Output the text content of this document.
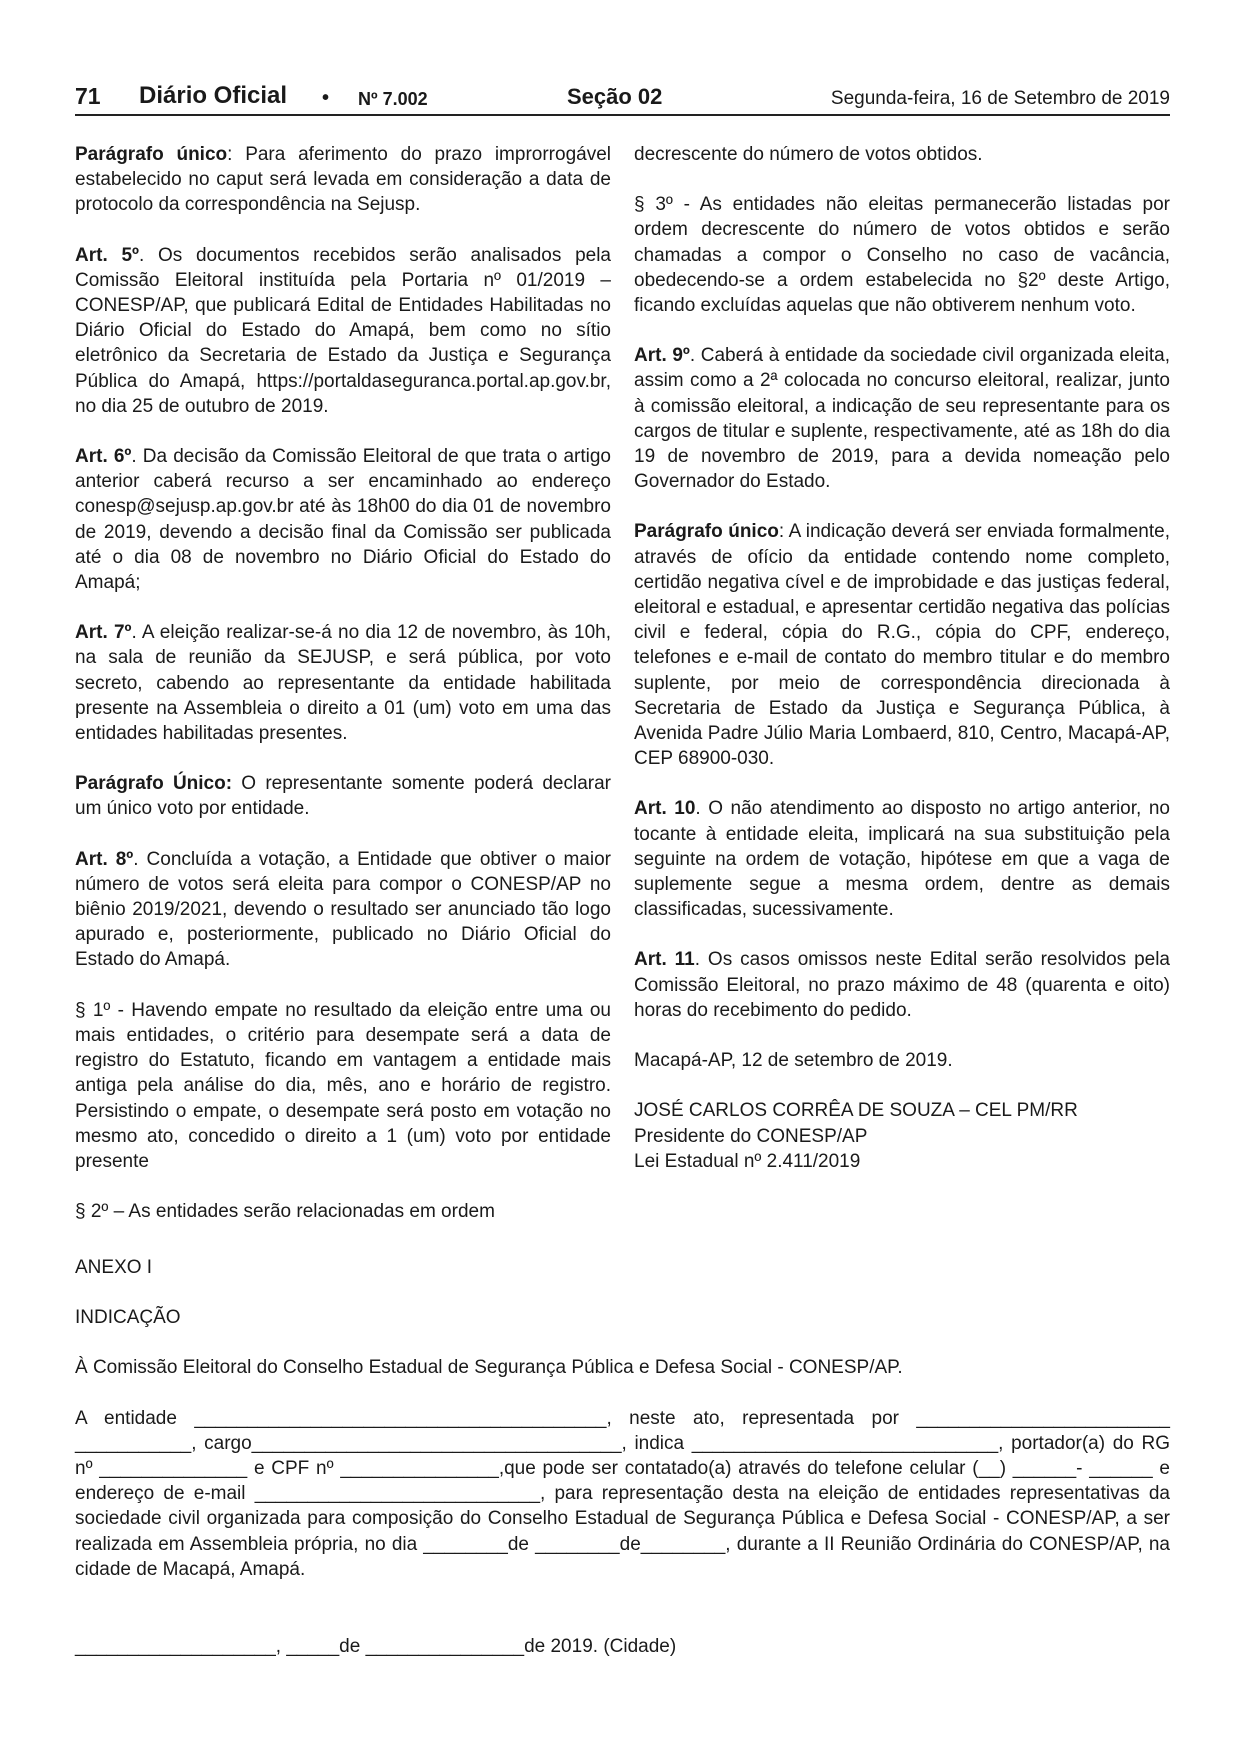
71 Diário Oficial • Nº 7.002	Seção 02	Segunda-feira, 16 de Setembro de 2019

Parágrafo único: Para aferimento do prazo improrrogável estabelecido no caput será levada em consideração a data de protocolo da correspondência na Sejusp.

Art. 5º. Os documentos recebidos serão analisados pela Comissão Eleitoral instituída pela Portaria nº 01/2019 – CONESP/AP, que publicará Edital de Entidades Habilitadas no Diário Oficial do Estado do Amapá, bem como no sítio eletrônico da Secretaria de Estado da Justiça e Segurança Pública do Amapá, https://portaldaseguranca.portal.ap.gov.br, no dia 25 de outubro de 2019.

Art. 6º. Da decisão da Comissão Eleitoral de que trata o artigo anterior caberá recurso a ser encaminhado ao endereço conesp@sejusp.ap.gov.br até às 18h00 do dia 01 de novembro de 2019, devendo a decisão final da Comissão ser publicada até o dia 08 de novembro no Diário Oficial do Estado do Amapá;

Art. 7º. A eleição realizar-se-á no dia 12 de novembro, às 10h, na sala de reunião da SEJUSP, e será pública, por voto secreto, cabendo ao representante da entidade habilitada presente na Assembleia o direito a 01 (um) voto em uma das entidades habilitadas presentes.

Parágrafo Único: O representante somente poderá declarar um único voto por entidade.

Art. 8º. Concluída a votação, a Entidade que obtiver o maior número de votos será eleita para compor o CONESP/AP no biênio 2019/2021, devendo o resultado ser anunciado tão logo apurado e, posteriormente, publicado no Diário Oficial do Estado do Amapá.

§ 1º - Havendo empate no resultado da eleição entre uma ou mais entidades, o critério para desempate será a data de registro do Estatuto, ficando em vantagem a entidade mais antiga pela análise do dia, mês, ano e horário de registro. Persistindo o empate, o desempate será posto em votação no mesmo ato, concedido o direito a 1 (um) voto por entidade presente

§ 2º – As entidades serão relacionadas em ordem

decrescente do número de votos obtidos.

§ 3º - As entidades não eleitas permanecerão listadas por ordem decrescente do número de votos obtidos e serão chamadas a compor o Conselho no caso de vacância, obedecendo-se a ordem estabelecida no §2º deste Artigo, ficando excluídas aquelas que não obtiverem nenhum voto.

Art. 9º. Caberá à entidade da sociedade civil organizada eleita, assim como a 2ª colocada no concurso eleitoral, realizar, junto à comissão eleitoral, a indicação de seu representante para os cargos de titular e suplente, respectivamente, até as 18h do dia 19 de novembro de 2019, para a devida nomeação pelo Governador do Estado.

Parágrafo único: A indicação deverá ser enviada formalmente, através de ofício da entidade contendo nome completo, certidão negativa cível e de improbidade e das justiças federal, eleitoral e estadual, e apresentar certidão negativa das polícias civil e federal, cópia do R.G., cópia do CPF, endereço, telefones e e-mail de contato do membro titular e do membro suplente, por meio de correspondência direcionada à Secretaria de Estado da Justiça e Segurança Pública, à Avenida Padre Júlio Maria Lombaerd, 810, Centro, Macapá-AP, CEP 68900-030.

Art. 10. O não atendimento ao disposto no artigo anterior, no tocante à entidade eleita, implicará na sua substituição pela seguinte na ordem de votação, hipótese em que a vaga de suplemente segue a mesma ordem, dentre as demais classificadas, sucessivamente.

Art. 11. Os casos omissos neste Edital serão resolvidos pela Comissão Eleitoral, no prazo máximo de 48 (quarenta e oito) horas do recebimento do pedido.

Macapá-AP, 12 de setembro de 2019.

JOSÉ CARLOS CORRÊA DE SOUZA – CEL PM/RR

Presidente do CONESP/AP

Lei Estadual nº 2.411/2019

ANEXO I

INDICAÇÃO

À Comissão Eleitoral do Conselho Estadual de Segurança Pública e Defesa Social - CONESP/AP.

A entidade _______________________________________, neste ato, representada por ________________________ ___________, cargo___________________________________, indica _____________________________, portador(a) do RG nº ______________ e CPF nº _______________,que pode ser contatado(a) através do telefone celular (__) ______- ______ e endereço de e-mail ___________________________, para representação desta na eleição de entidades representativas da sociedade civil organizada para composição do Conselho Estadual de Segurança Pública e Defesa Social - CONESP/AP, a ser realizada em Assembleia própria, no dia ________de ________de________, durante a II Reunião Ordinária do CONESP/AP, na cidade de Macapá, Amapá.

___________________, _____de _______________de 2019. (Cidade)
